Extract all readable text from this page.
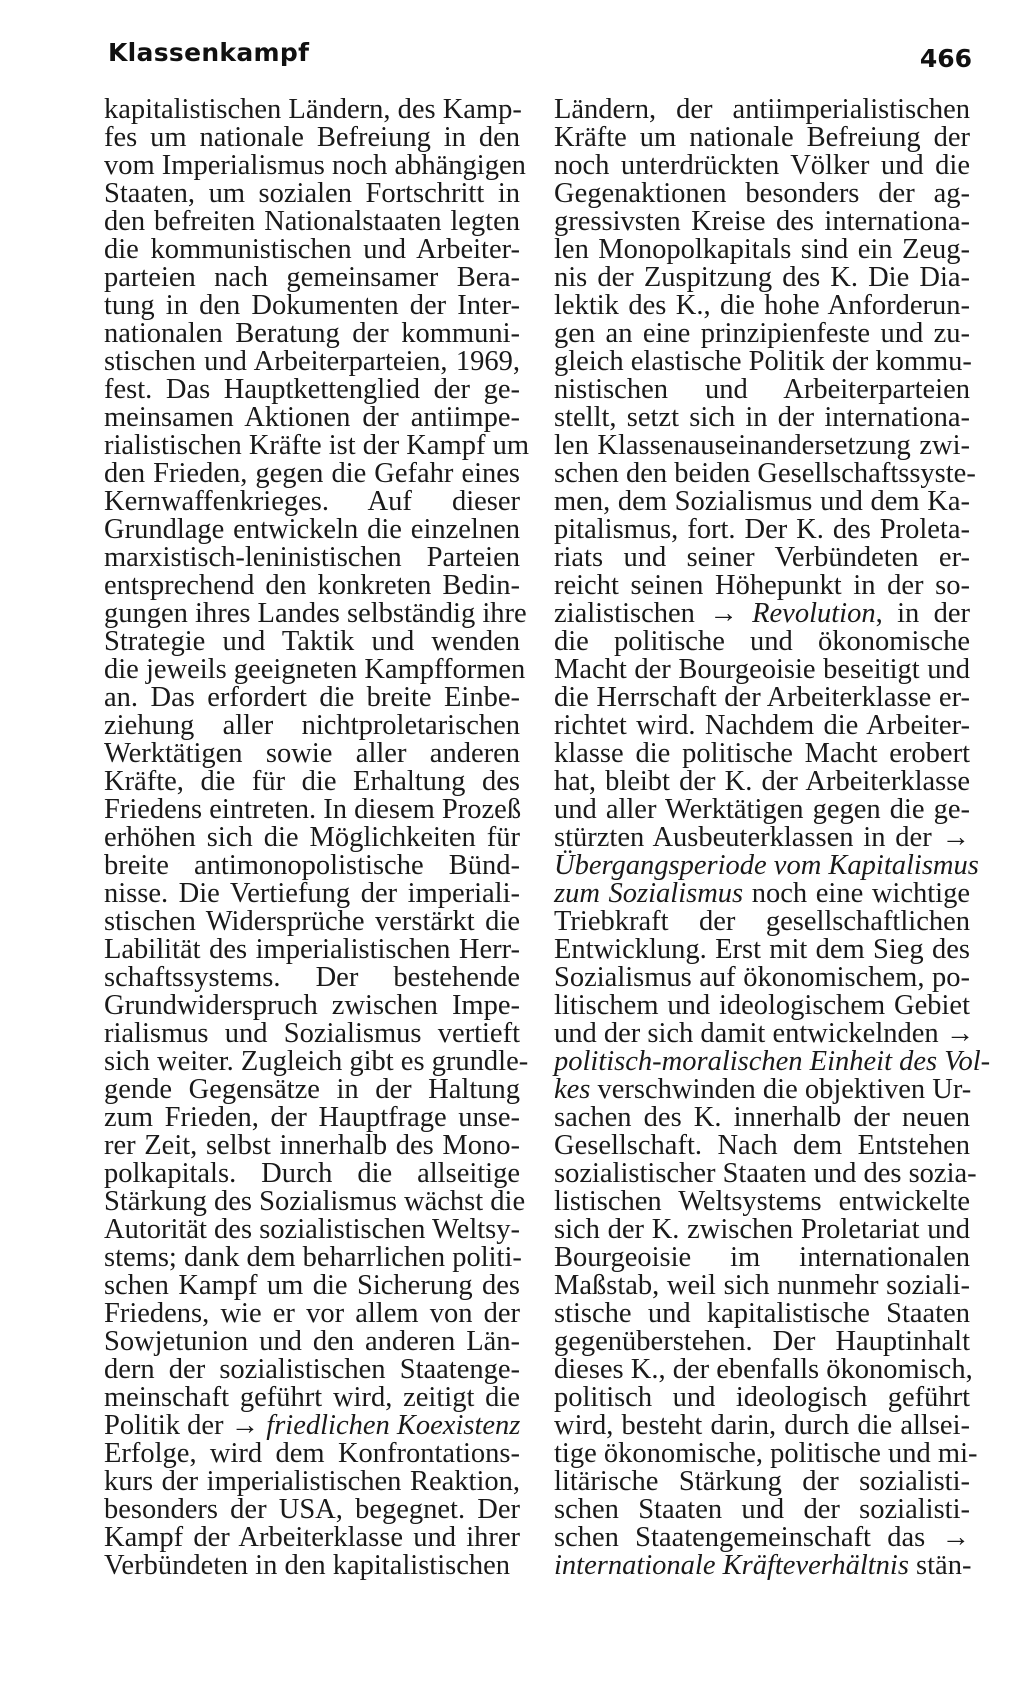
Klassenkampf	466
kapitalistischen Ländern, des Kamp-
fes um nationale Befreiung in den
vom Imperialismus noch abhängigen
Staaten, um sozialen Fortschritt in
den befreiten Nationalstaaten legten
die kommunistischen und Arbeiter-
parteien nach gemeinsamer Bera-
tung in den Dokumenten der Inter-
nationalen Beratung der kommuni-
stischen und Arbeiterparteien, 1969,
fest. Das Hauptkettenglied der ge-
meinsamen Aktionen der antiimpe-
rialistischen Kräfte ist der Kampf um
den Frieden, gegen die Gefahr eines
Kernwaffenkrieges. Auf dieser
Grundlage entwickeln die einzelnen
marxistisch-leninistischen Parteien
entsprechend den konkreten Bedin-
gungen ihres Landes selbständig ihre
Strategie und Taktik und wenden
die jeweils geeigneten Kampfformen
an. Das erfordert die breite Einbe-
ziehung aller nichtproletarischen
Werktätigen sowie aller anderen
Kräfte, die für die Erhaltung des
Friedens eintreten. In diesem Prozeß
erhöhen sich die Möglichkeiten für
breite antimonopolistische Bünd-
nisse. Die Vertiefung der imperiali-
stischen Widersprüche verstärkt die
Labilität des imperialistischen Herr-
schaftssystems. Der bestehende
Grundwiderspruch zwischen Impe-
rialismus und Sozialismus vertieft
sich weiter. Zugleich gibt es grundle-
gende Gegensätze in der Haltung
zum Frieden, der Hauptfrage unse-
rer Zeit, selbst innerhalb des Mono-
polkapitals. Durch die allseitige
Stärkung des Sozialismus wächst die
Autorität des sozialistischen Weltsy-
stems; dank dem beharrlichen politi-
schen Kampf um die Sicherung des
Friedens, wie er vor allem von der
Sowjetunion und den anderen Län-
dern der sozialistischen Staatenge-
meinschaft geführt wird, zeitigt die
Politik der → friedlichen Koexistenz
Erfolge, wird dem Konfrontations-
kurs der imperialistischen Reaktion,
besonders der USA, begegnet. Der
Kampf der Arbeiterklasse und ihrer
Verbündeten in den kapitalistischen
Ländern, der antiimperialistischen
Kräfte um nationale Befreiung der
noch unterdrückten Völker und die
Gegenaktionen besonders der ag-
gressivsten Kreise des internationa-
len Monopolkapitals sind ein Zeug-
nis der Zuspitzung des K. Die Dia-
lektik des K., die hohe Anforderun-
gen an eine prinzipienfeste und zu-
gleich elastische Politik der kommu-
nistischen und Arbeiterparteien
stellt, setzt sich in der internationa-
len Klassenauseinandersetzung zwi-
schen den beiden Gesellschaftssyste-
men, dem Sozialismus und dem Ka-
pitalismus, fort. Der K. des Proleta-
riats und seiner Verbündeten er-
reicht seinen Höhepunkt in der so-
zialistischen → Revolution, in der
die politische und ökonomische
Macht der Bourgeoisie beseitigt und
die Herrschaft der Arbeiterklasse er-
richtet wird. Nachdem die Arbeiter-
klasse die politische Macht erobert
hat, bleibt der K. der Arbeiterklasse
und aller Werktätigen gegen die ge-
stürzten Ausbeuterklassen in der →
Übergangsperiode vom Kapitalismus
zum Sozialismus noch eine wichtige
Triebkraft der gesellschaftlichen
Entwicklung. Erst mit dem Sieg des
Sozialismus auf ökonomischem, po-
litischem und ideologischem Gebiet
und der sich damit entwickelnden →
politisch-moralischen Einheit des Vol-
kes verschwinden die objektiven Ur-
sachen des K. innerhalb der neuen
Gesellschaft. Nach dem Entstehen
sozialistischer Staaten und des sozia-
listischen Weltsystems entwickelte
sich der K. zwischen Proletariat und
Bourgeoisie im internationalen
Maßstab, weil sich nunmehr soziali-
stische und kapitalistische Staaten
gegenüberstehen. Der Hauptinhalt
dieses K., der ebenfalls ökonomisch,
politisch und ideologisch geführt
wird, besteht darin, durch die allsei-
tige ökonomische, politische und mi-
litärische Stärkung der sozialisti-
schen Staaten und der sozialisti-
schen Staatengemeinschaft das →
internationale Kräfteverhältnis stän-
